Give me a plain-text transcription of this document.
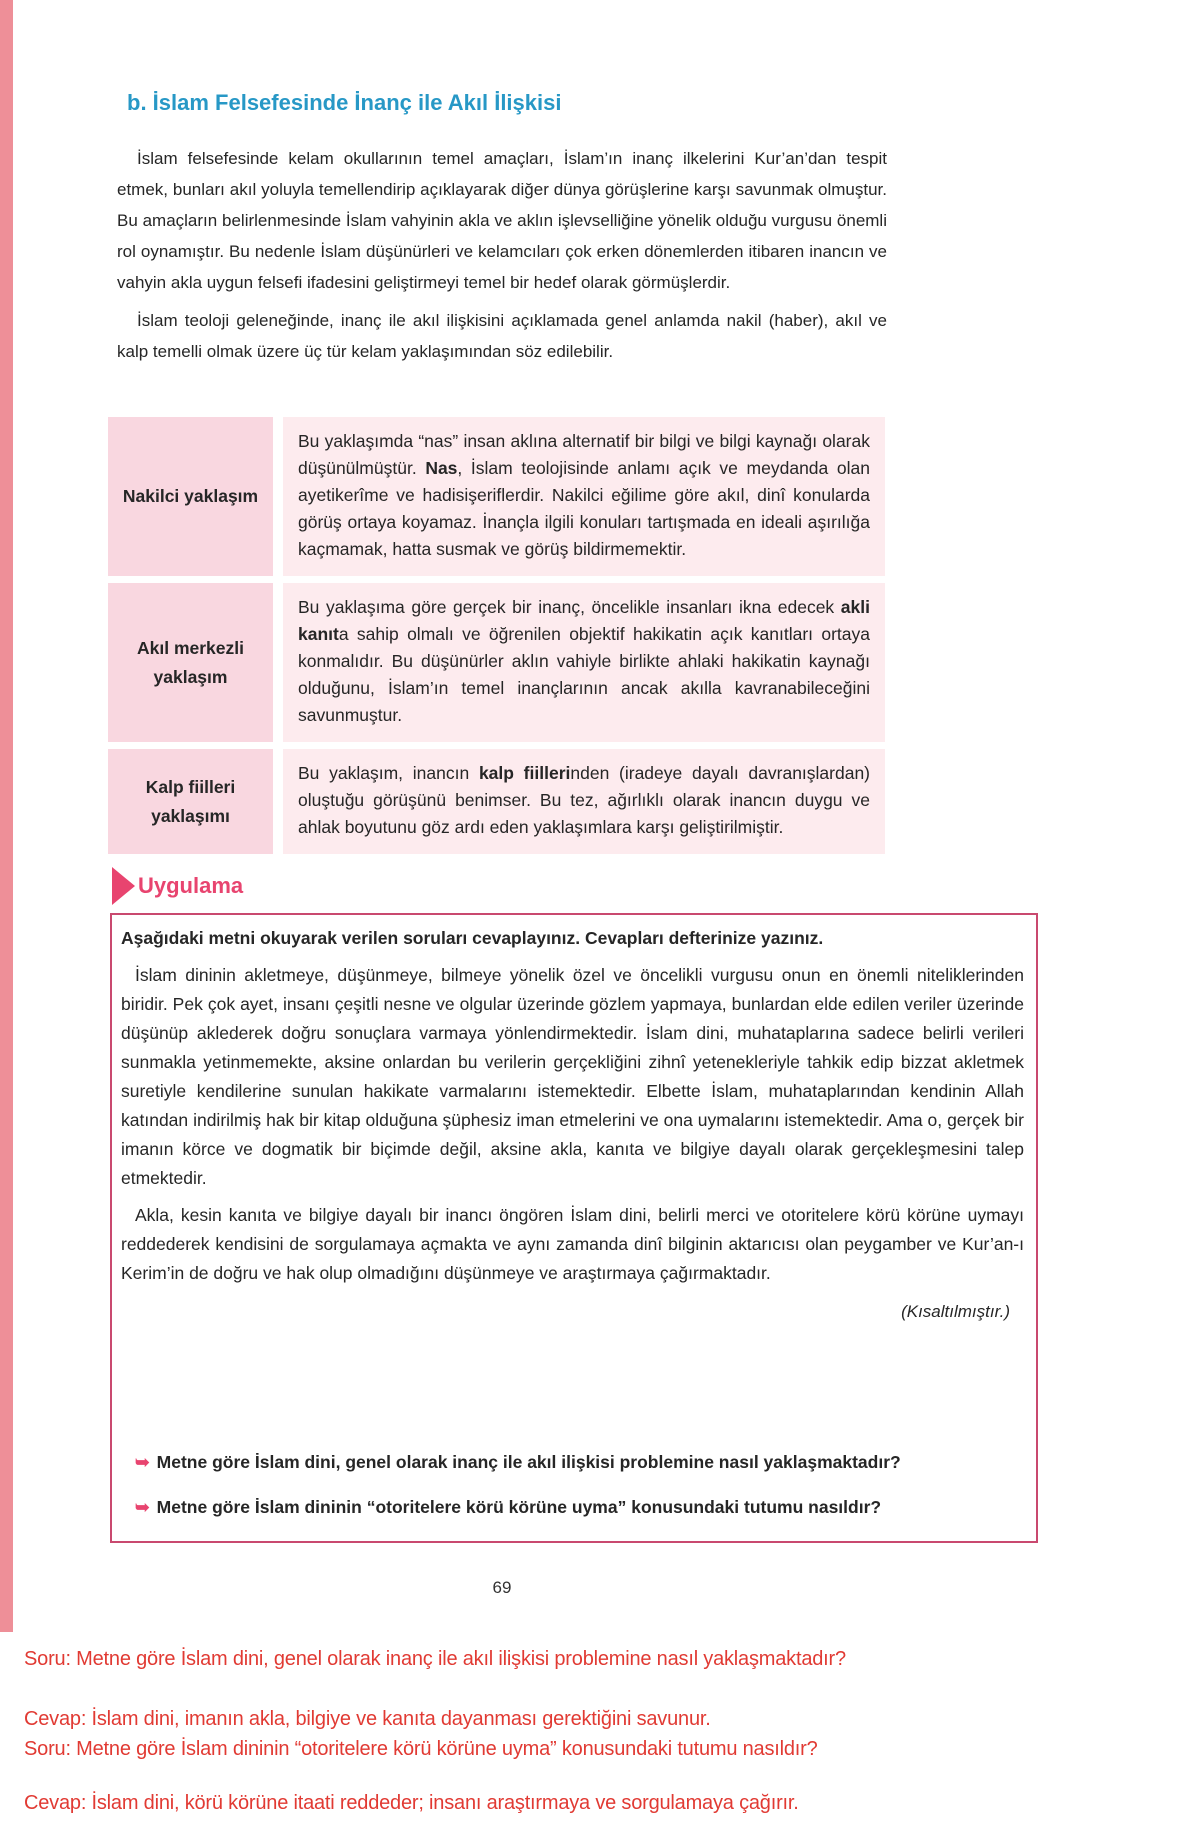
b. İslam Felsefesinde İnanç ile Akıl İlişkisi

İslam felsefesinde kelam okullarının temel amaçları, İslam’ın inanç ilkelerini Kur’an’dan tespit etmek, bunları akıl yoluyla temellendirip açıklayarak diğer dünya görüşlerine karşı savunmak olmuştur. Bu amaçların belirlenmesinde İslam vahyinin akla ve aklın işlevselliğine yönelik olduğu vurgusu önemli rol oynamıştır. Bu nedenle İslam düşünürleri ve kelamcıları çok erken dönemlerden itibaren inancın ve vahyin akla uygun felsefi ifadesini geliştirmeyi temel bir hedef olarak görmüşlerdir.

İslam teoloji geleneğinde, inanç ile akıl ilişkisini açıklamada genel anlamda nakil (haber), akıl ve kalp temelli olmak üzere üç tür kelam yaklaşımından söz edilebilir.

Nakilci yaklaşım
Bu yaklaşımda “nas” insan aklına alternatif bir bilgi ve bilgi kaynağı olarak düşünülmüştür. Nas, İslam teolojisinde anlamı açık ve meydanda olan ayetikerîme ve hadisişeriflerdir. Nakilci eğilime göre akıl, dinî konularda görüş ortaya koyamaz. İnançla ilgili konuları tartışmada en ideali aşırılığa kaçmamak, hatta susmak ve görüş bildirmemektir.
Akıl merkezli yaklaşım
Bu yaklaşıma göre gerçek bir inanç, öncelikle insanları ikna edecek akli kanıta sahip olmalı ve öğrenilen objektif hakikatin açık kanıtları ortaya konmalıdır. Bu düşünürler aklın vahiyle birlikte ahlaki hakikatin kaynağı olduğunu, İslam’ın temel inançlarının ancak akılla kavranabileceğini savunmuştur.
Kalp fiilleri yaklaşımı
Bu yaklaşım, inancın kalp fiillerinden (iradeye dayalı davranışlardan) oluştuğu görüşünü benimser. Bu tez, ağırlıklı olarak inancın duygu ve ahlak boyutunu göz ardı eden yaklaşımlara karşı geliştirilmiştir.
Uygulama

Aşağıdaki metni okuyarak verilen soruları cevaplayınız. Cevapları defterinize yazınız.

İslam dininin akletmeye, düşünmeye, bilmeye yönelik özel ve öncelikli vurgusu onun en önemli niteliklerinden biridir. Pek çok ayet, insanı çeşitli nesne ve olgular üzerinde gözlem yapmaya, bunlardan elde edilen veriler üzerinde düşünüp aklederek doğru sonuçlara varmaya yönlendirmektedir. İslam dini, muhataplarına sadece belirli verileri sunmakla yetinmemekte, aksine onlardan bu verilerin gerçekliğini zihnî yetenekleriyle tahkik edip bizzat akletmek suretiyle kendilerine sunulan hakikate varmalarını istemektedir. Elbette İslam, muhataplarından kendinin Allah katından indirilmiş hak bir kitap olduğuna şüphesiz iman etmelerini ve ona uymalarını istemektedir. Ama o, gerçek bir imanın körce ve dogmatik bir biçimde değil, aksine akla, kanıta ve bilgiye dayalı olarak gerçekleşmesini talep etmektedir.

Akla, kesin kanıta ve bilgiye dayalı bir inancı öngören İslam dini, belirli merci ve otoritelere körü körüne uymayı reddederek kendisini de sorgulamaya açmakta ve aynı zamanda dinî bilginin aktarıcısı olan peygamber ve Kur’an-ı Kerim’in de doğru ve hak olup olmadığını düşünmeye ve araştırmaya çağırmaktadır.

(Kısaltılmıştır.)

➥ Metne göre İslam dini, genel olarak inanç ile akıl ilişkisi problemine nasıl yaklaşmaktadır?

➥ Metne göre İslam dininin “otoritelere körü körüne uyma” konusundaki tutumu nasıldır?

69
Soru: Metne göre İslam dini, genel olarak inanç ile akıl ilişkisi problemine nasıl yaklaşmaktadır?
Cevap: İslam dini, imanın akla, bilgiye ve kanıta dayanması gerektiğini savunur.
Soru: Metne göre İslam dininin “otoritelere körü körüne uyma” konusundaki tutumu nasıldır?
Cevap: İslam dini, körü körüne itaati reddeder; insanı araştırmaya ve sorgulamaya çağırır.
